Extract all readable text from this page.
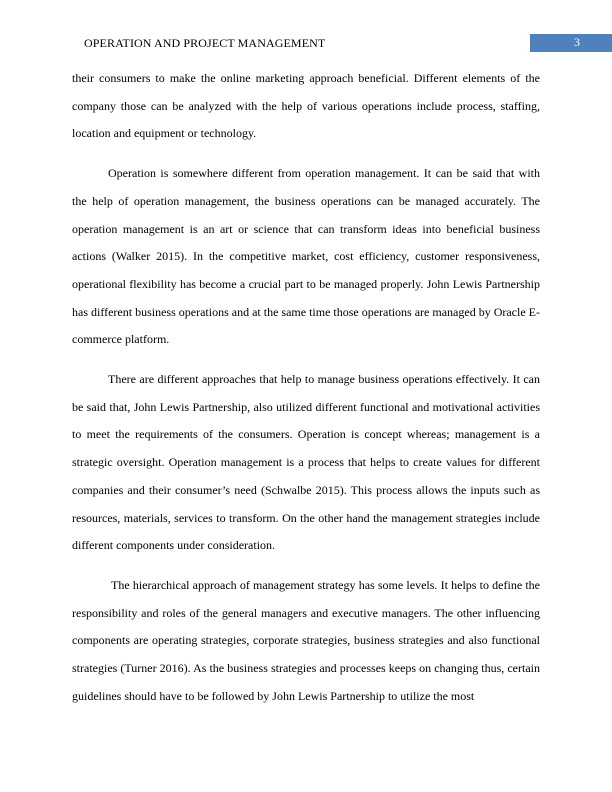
OPERATION AND PROJECT MANAGEMENT	3

their consumers to make the online marketing approach beneficial. Different elements of the company those can be analyzed with the help of various operations include process, staffing, location and equipment or technology.

Operation is somewhere different from operation management. It can be said that with the help of operation management, the business operations can be managed accurately. The operation management is an art or science that can transform ideas into beneficial business actions (Walker 2015). In the competitive market, cost efficiency, customer responsiveness, operational flexibility has become a crucial part to be managed properly. John Lewis Partnership has different business operations and at the same time those operations are managed by Oracle E-commerce platform.

There are different approaches that help to manage business operations effectively. It can be said that, John Lewis Partnership, also utilized different functional and motivational activities to meet the requirements of the consumers. Operation is concept whereas; management is a strategic oversight. Operation management is a process that helps to create values for different companies and their consumer’s need (Schwalbe 2015). This process allows the inputs such as resources, materials, services to transform. On the other hand the management strategies include different components under consideration.

The hierarchical approach of management strategy has some levels. It helps to define the responsibility and roles of the general managers and executive managers. The other influencing components are operating strategies, corporate strategies, business strategies and also functional strategies (Turner 2016). As the business strategies and processes keeps on changing thus, certain guidelines should have to be followed by John Lewis Partnership to utilize the most
